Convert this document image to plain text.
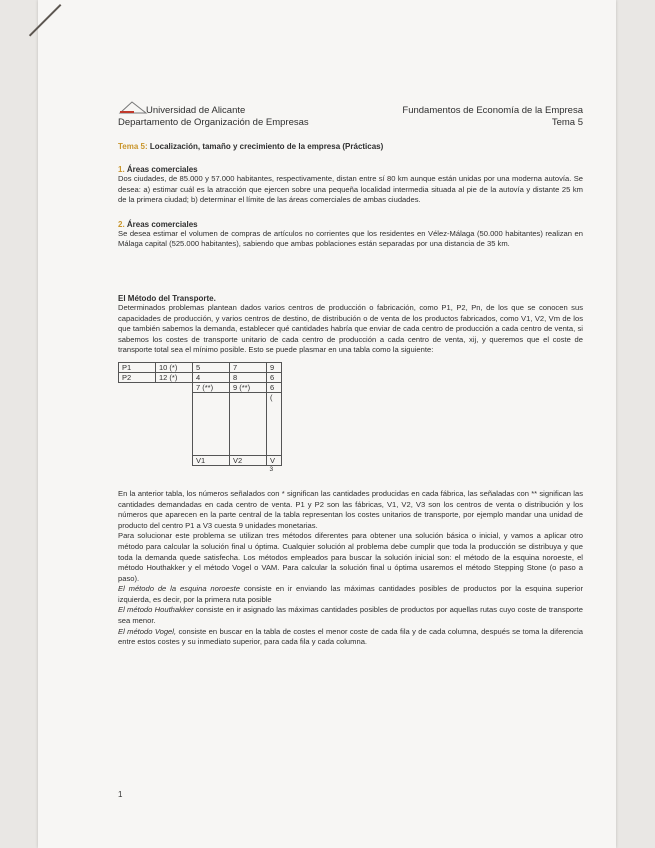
Universidad de Alicante
Departamento de Organización de Empresas
Fundamentos de Economía de la Empresa
Tema 5
Tema 5: Localización, tamaño y crecimiento de la empresa (Prácticas)
1. Áreas comerciales

Dos ciudades, de 85.000 y 57.000 habitantes, respectivamente, distan entre sí 80 km aunque están unidas por una moderna autovía. Se desea: a) estimar cuál es la atracción que ejercen sobre una pequeña localidad intermedia situada al pie de la autovía y distante 25 km de la primera ciudad; b) determinar el límite de las áreas comerciales de ambas ciudades.

2. Áreas comerciales

Se desea estimar el volumen de compras de artículos no corrientes que los residentes en Vélez-Málaga (50.000 habitantes) realizan en Málaga capital (525.000 habitantes), sabiendo que ambas poblaciones están separadas por una distancia de 35 km.

El Método del Transporte.

Determinados problemas plantean dados varios centros de producción o fabricación, como P1, P2, Pn, de los que se conocen sus capacidades de producción, y varios centros de destino, de distribución o de venta de los productos fabricados, como V1, V2, Vm de los que también sabemos la demanda, establecer qué cantidades habría que enviar de cada centro de producción a cada centro de venta, si sabemos los costes de transporte unitario de cada centro de producción a cada centro de venta, xij, y queremos que el coste de transporte total sea el mínimo posible. Esto se puede plasmar en una tabla como la siguiente:

P1	10 (*)	5	7	9
P2	12 (*)	4	8	6
		7 (**)	9 (**)	6
				(
		V1	V2	V
				3

En la anterior tabla, los números señalados con * significan las cantidades producidas en cada fábrica, las señaladas con ** significan las cantidades demandadas en cada centro de venta. P1 y P2 son las fábricas, V1, V2, V3 son los centros de venta o distribución y los números que aparecen en la parte central de la tabla representan los costes unitarios de transporte, por ejemplo mandar una unidad de producto del centro P1 a V3 cuesta 9 unidades monetarias.

Para solucionar este problema se utilizan tres métodos diferentes para obtener una solución básica o inicial, y vamos a aplicar otro método para calcular la solución final u óptima. Cualquier solución al problema debe cumplir que toda la producción se distribuya y que toda la demanda quede satisfecha. Los métodos empleados para buscar la solución inicial son: el método de la esquina noroeste, el método Houthakker y el método Vogel o VAM. Para calcular la solución final u óptima usaremos el método Stepping Stone (o paso a paso).

El método de la esquina noroeste consiste en ir enviando las máximas cantidades posibles de productos por la esquina superior izquierda, es decir, por la primera ruta posible

El método Houthakker consiste en ir asignado las máximas cantidades posibles de productos por aquellas rutas cuyo coste de transporte sea menor.

El método Vogel, consiste en buscar en la tabla de costes el menor coste de cada fila y de cada columna, después se toma la diferencia entre estos costes y su inmediato superior, para cada fila y cada columna.

1
